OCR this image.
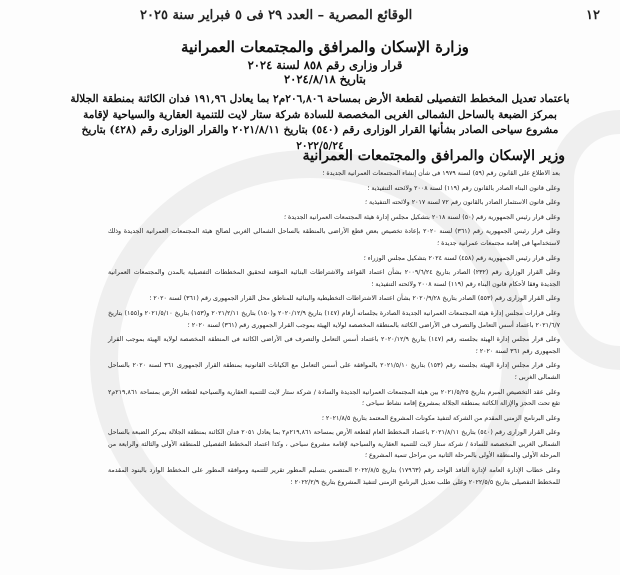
١٢
الوقائع المصرية – العدد ٢٩ فى ٥ فبراير سنة ٢٠٢٥
وزارة الإسكان والمرافق والمجتمعات العمرانية
قرار وزارى رقم ٨٥٨ لسنة ٢٠٢٤
بتاريخ ٢٠٢٤/٨/١٨
باعتماد تعديل المخطط التفصيلى لقطعة الأرض بمساحة ٢٠٦,٨٠٦م٢ بما يعادل ١٩١,٩٦ فدان الكائنة بمنطقة الجلالة بمركز الضبعة بالساحل الشمالى الغربى المخصصة للسادة شركة ستار لايت للتنمية العقارية والسياحية لإقامة مشروع سياحى الصادر بشأنها القرار الوزارى رقم (٥٤٠) بتاريخ ٢٠٢١/٨/١١ والقرار الوزارى رقم (٤٢٨) بتاريخ ٢٠٢٢/٥/٢٤
وزير الإسكان والمرافق والمجتمعات العمرانية

بعد الاطلاع على القانون رقم (٥٩) لسنة ١٩٧٩ فى شأن إنشاء المجتمعات العمرانية الجديدة ؛

وعلى قانون البناء الصادر بالقانون رقم (١١٩) لسنة ٢٠٠٨ ولائحته التنفيذية ؛

وعلى قانون الاستثمار الصادر بالقانون رقم ٧٢ لسنة ٢٠١٧ ولائحته التنفيذية ؛

وعلى قرار رئيس الجمهورية رقم (٥٠) لسنة ٢٠١٨ بتشكيل مجلس إدارة هيئة المجتمعات العمرانية الجديدة ؛

وعلى قرار رئيس الجمهورية رقم (٣٦١) لسنة ٢٠٢٠ بإعادة تخصيص بعض قطع الأراضى بالمنطقة بالساحل الشمالى الغربى لصالح هيئة المجتمعات العمرانية الجديدة وذلك لاستخدامها فى إقامة مجتمعات عمرانية جديدة ؛

وعلى قرار رئيس الجمهورية رقم (٤٥٨) لسنة ٢٠٢٤ بتشكيل مجلس الوزراء ؛

وعلى القرار الوزارى رقم (٢٣٢) الصادر بتاريخ ٢٠٠٩/٦/٢٤ بشأن اعتماد القواعد والاشتراطات البنائية المؤقتة لتحقيق المخططات التفصيلية بالمدن والمجتمعات العمرانية الجديدة وفقا لأحكام قانون البناء رقم (١١٩) لسنة ٢٠٠٨ ولائحته التنفيذية ؛

وعلى القرار الوزارى رقم (٥٥٣) الصادر بتاريخ ٢٠٢٠/٩/٢٨ بشأن اعتماد الاشتراطات التخطيطية والبنائية للمناطق محل القرار الجمهورى رقم (٣٦١) لسنة ٢٠٢٠ ؛

وعلى قرارات مجلس إدارة هيئة المجتمعات العمرانية الجديدة الصادرة بجلساته أرقام (١٤٧) بتاريخ ٢٠٢٠/١٢/٩ و(١٥٠) بتاريخ ٢٠٢١/٢/١١ و(١٥٣) بتاريخ ٢٠٢١/٥/١٠ و(١٥٥) بتاريخ ٢٠٢١/٦/٧ باعتماد أسس التعامل والتصرف فى الأراضى الكائنة بالمنطقة المخصصة لولاية الهيئة بموجب القرار الجمهورى رقم (٣٦١) لسنة ٢٠٢٠ ؛

وعلى قرار مجلس إدارة الهيئة بجلسته رقم (١٤٧) بتاريخ ٢٠٢٠/١٢/٩ باعتماد أسس التعامل والتصرف فى الأراضى الكائنة فى المنطقة المخصصة لولاية الهيئة بموجب القرار الجمهورى رقم ٣٦١ لسنة ٢٠٢٠ ؛

وعلى قرار مجلس إدارة الهيئة بجلسته رقم (١٥٣) بتاريخ ٢٠٢١/٥/١٠ بالموافقة على أسس التعامل مع الكيانات القانونية بمنطقة القرار الجمهورى ٣٦١ لسنة ٢٠٢٠ بالساحل الشمالى الغربى ؛

وعلى عقد التخصيص المبرم بتاريخ ٢٠٢١/٥/٢٥ بين هيئة المجتمعات العمرانية الجديدة والسادة / شركة ستار لايت للتنمية العقارية والسياحية لقطعة الأرض بمساحة ٢١٩,٨٦١م٢ تقع تحت الحجز والإزالة الكائنة بمنطقة الجلالة بمشروع إقامة نشاط سياحى ؛

وعلى البرنامج الزمنى المقدم من الشركة لتنفيذ مكونات المشروع المعتمد بتاريخ ٢٠٢١/٨/٥ ؛

وعلى القرار الوزارى رقم (٥٤٠) بتاريخ ٢٠٢١/٨/١١ باعتماد المخطط العام لقطعة الأرض بمساحة ٢١٩,٨٦١م٢ بما يعادل ٢٠٥١ فدان الكائنة بمنطقة الجلالة بمركز الضبعة بالساحل الشمالى الغربى المخصصة للسادة / شركة ستار لايت للتنمية العقارية والسياحية لإقامة مشروع سياحى ، وكذا اعتماد المخطط التفصيلى للمنطقة الأولى والثالثة والرابعة من المرحلة الأولى والمنطقة الأولى بالمرحلة الثانية من مراحل تنمية المشروع ؛

وعلى خطاب الإدارة العامة لإدارة النافذ الواحد رقم (١٧٩٦٣) بتاريخ ٢٠٢٢/٨/٥ المتضمن بتسليم المطور تقرير للتنمية وموافقة المطور على المخطط الوارد بالبنود المقدمة للمخطط التفصيلى بتاريخ ٢٠٢٢/٥/٥ وعلى طلب تعديل البرنامج الزمنى لتنفيذ المشروع بتاريخ ٢٠٢٢/٢/٩ ؛
